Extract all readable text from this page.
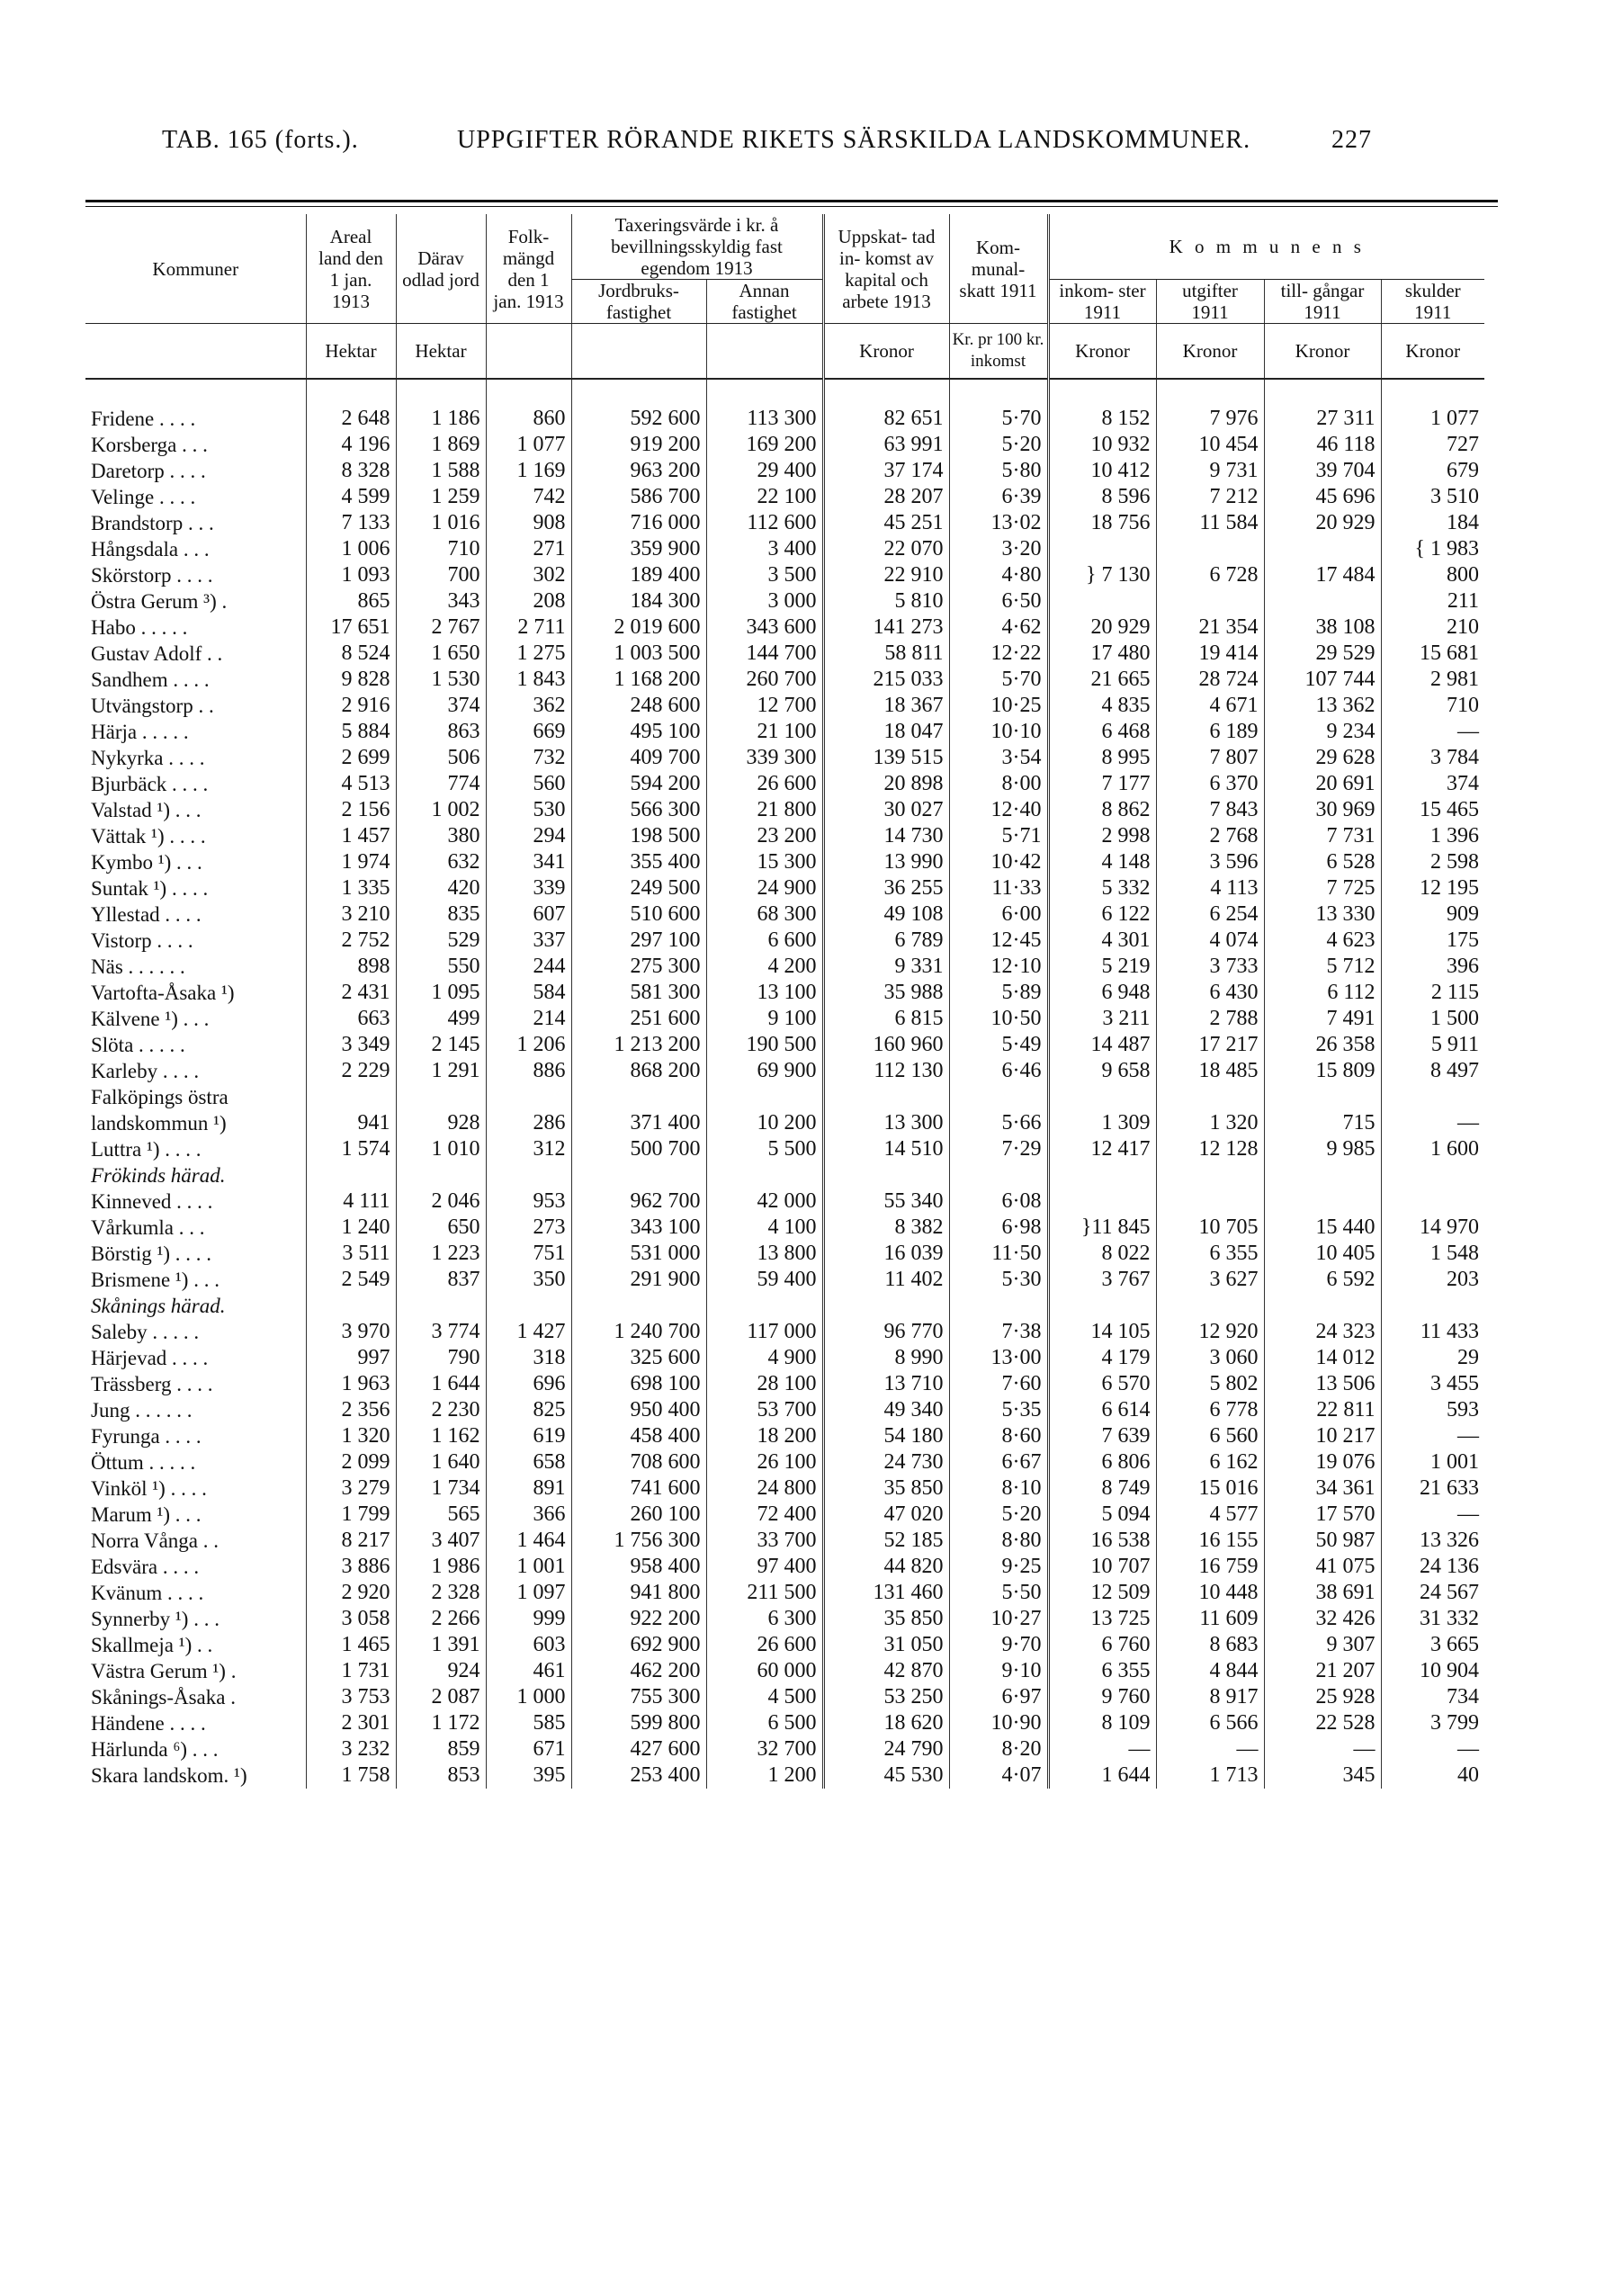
TAB. 165 (forts.).	UPPGIFTER RÖRANDE RIKETS SÄRSKILDA LANDSKOMMUNER.	227
Kommuner	Areal land den 1 jan. 1913	Därav odlad jord	Folk- mängd den 1 jan. 1913	Taxeringsvärde i kr. å bevillningsskyldig fast egendom 1913		Uppskat- tad in- komst av kapital och arbete 1913	Kom- munal- skatt 1911	K o m m u n e n s			
				Jordbruks- fastighet	Annan fastighet			inkom- ster 1911	utgifter 1911	till- gångar 1911	skulder 1911
	Hektar	Hektar				Kronor	Kr. pr 100 kr. inkomst	Kronor	Kronor	Kronor	Kronor

Fridene . . . .	2 648	1 186	860	592 600	113 300	82 651	5·70	8 152	7 976	27 311	1 077
Korsberga . . .	4 196	1 869	1 077	919 200	169 200	63 991	5·20	10 932	10 454	46 118	727
Daretorp . . . .	8 328	1 588	1 169	963 200	29 400	37 174	5·80	10 412	9 731	39 704	679
Velinge . . . .	4 599	1 259	742	586 700	22 100	28 207	6·39	8 596	7 212	45 696	3 510
Brandstorp . . .	7 133	1 016	908	716 000	112 600	45 251	13·02	18 756	11 584	20 929	184
Hångsdala . . .	1 006	710	271	359 900	3 400	22 070	3·20				{ 1 983
Skörstorp . . . .	1 093	700	302	189 400	3 500	22 910	4·80	} 7 130	6 728	17 484	800
Östra Gerum ³) .	865	343	208	184 300	3 000	5 810	6·50				211
Habo . . . . .	17 651	2 767	2 711	2 019 600	343 600	141 273	4·62	20 929	21 354	38 108	210
Gustav Adolf . .	8 524	1 650	1 275	1 003 500	144 700	58 811	12·22	17 480	19 414	29 529	15 681
Sandhem . . . .	9 828	1 530	1 843	1 168 200	260 700	215 033	5·70	21 665	28 724	107 744	2 981
Utvängstorp . .	2 916	374	362	248 600	12 700	18 367	10·25	4 835	4 671	13 362	710
Härja . . . . .	5 884	863	669	495 100	21 100	18 047	10·10	6 468	6 189	9 234	—
Nykyrka . . . .	2 699	506	732	409 700	339 300	139 515	3·54	8 995	7 807	29 628	3 784
Bjurbäck . . . .	4 513	774	560	594 200	26 600	20 898	8·00	7 177	6 370	20 691	374
Valstad ¹) . . .	2 156	1 002	530	566 300	21 800	30 027	12·40	8 862	7 843	30 969	15 465
Vättak ¹) . . . .	1 457	380	294	198 500	23 200	14 730	5·71	2 998	2 768	7 731	1 396
Kymbo ¹) . . .	1 974	632	341	355 400	15 300	13 990	10·42	4 148	3 596	6 528	2 598
Suntak ¹) . . . .	1 335	420	339	249 500	24 900	36 255	11·33	5 332	4 113	7 725	12 195
Yllestad . . . .	3 210	835	607	510 600	68 300	49 108	6·00	6 122	6 254	13 330	909
Vistorp . . . .	2 752	529	337	297 100	6 600	6 789	12·45	4 301	4 074	4 623	175
Näs . . . . . .	898	550	244	275 300	4 200	9 331	12·10	5 219	3 733	5 712	396
Vartofta-Åsaka ¹)	2 431	1 095	584	581 300	13 100	35 988	5·89	6 948	6 430	6 112	2 115
Kälvene ¹) . . .	663	499	214	251 600	9 100	6 815	10·50	3 211	2 788	7 491	1 500
Slöta . . . . .	3 349	2 145	1 206	1 213 200	190 500	160 960	5·49	14 487	17 217	26 358	5 911
Karleby . . . .	2 229	1 291	886	868 200	69 900	112 130	6·46	9 658	18 485	15 809	8 497
Falköpings östra											
landskommun ¹)	941	928	286	371 400	10 200	13 300	5·66	1 309	1 320	715	—
Luttra ¹) . . . .	1 574	1 010	312	500 700	5 500	14 510	7·29	12 417	12 128	9 985	1 600
Frökinds härad.											
Kinneved . . . .	4 111	2 046	953	962 700	42 000	55 340	6·08				
Vårkumla . . .	1 240	650	273	343 100	4 100	8 382	6·98	}11 845	10 705	15 440	14 970
Börstig ¹) . . . .	3 511	1 223	751	531 000	13 800	16 039	11·50	8 022	6 355	10 405	1 548
Brismene ¹) . . .	2 549	837	350	291 900	59 400	11 402	5·30	3 767	3 627	6 592	203
Skånings härad.											
Saleby . . . . .	3 970	3 774	1 427	1 240 700	117 000	96 770	7·38	14 105	12 920	24 323	11 433
Härjevad . . . .	997	790	318	325 600	4 900	8 990	13·00	4 179	3 060	14 012	29
Trässberg . . . .	1 963	1 644	696	698 100	28 100	13 710	7·60	6 570	5 802	13 506	3 455
Jung . . . . . .	2 356	2 230	825	950 400	53 700	49 340	5·35	6 614	6 778	22 811	593
Fyrunga . . . .	1 320	1 162	619	458 400	18 200	54 180	8·60	7 639	6 560	10 217	—
Öttum . . . . .	2 099	1 640	658	708 600	26 100	24 730	6·67	6 806	6 162	19 076	1 001
Vinköl ¹) . . . .	3 279	1 734	891	741 600	24 800	35 850	8·10	8 749	15 016	34 361	21 633
Marum ¹) . . .	1 799	565	366	260 100	72 400	47 020	5·20	5 094	4 577	17 570	—
Norra Vånga . .	8 217	3 407	1 464	1 756 300	33 700	52 185	8·80	16 538	16 155	50 987	13 326
Edsvära . . . .	3 886	1 986	1 001	958 400	97 400	44 820	9·25	10 707	16 759	41 075	24 136
Kvänum . . . .	2 920	2 328	1 097	941 800	211 500	131 460	5·50	12 509	10 448	38 691	24 567
Synnerby ¹) . . .	3 058	2 266	999	922 200	6 300	35 850	10·27	13 725	11 609	32 426	31 332
Skallmeja ¹) . .	1 465	1 391	603	692 900	26 600	31 050	9·70	6 760	8 683	9 307	3 665
Västra Gerum ¹) .	1 731	924	461	462 200	60 000	42 870	9·10	6 355	4 844	21 207	10 904
Skånings-Åsaka .	3 753	2 087	1 000	755 300	4 500	53 250	6·97	9 760	8 917	25 928	734
Händene . . . .	2 301	1 172	585	599 800	6 500	18 620	10·90	8 109	6 566	22 528	3 799
Härlunda ⁶) . . .	3 232	859	671	427 600	32 700	24 790	8·20	—	—	—	—
Skara landskom. ¹)	1 758	853	395	253 400	1 200	45 530	4·07	1 644	1 713	345	40
